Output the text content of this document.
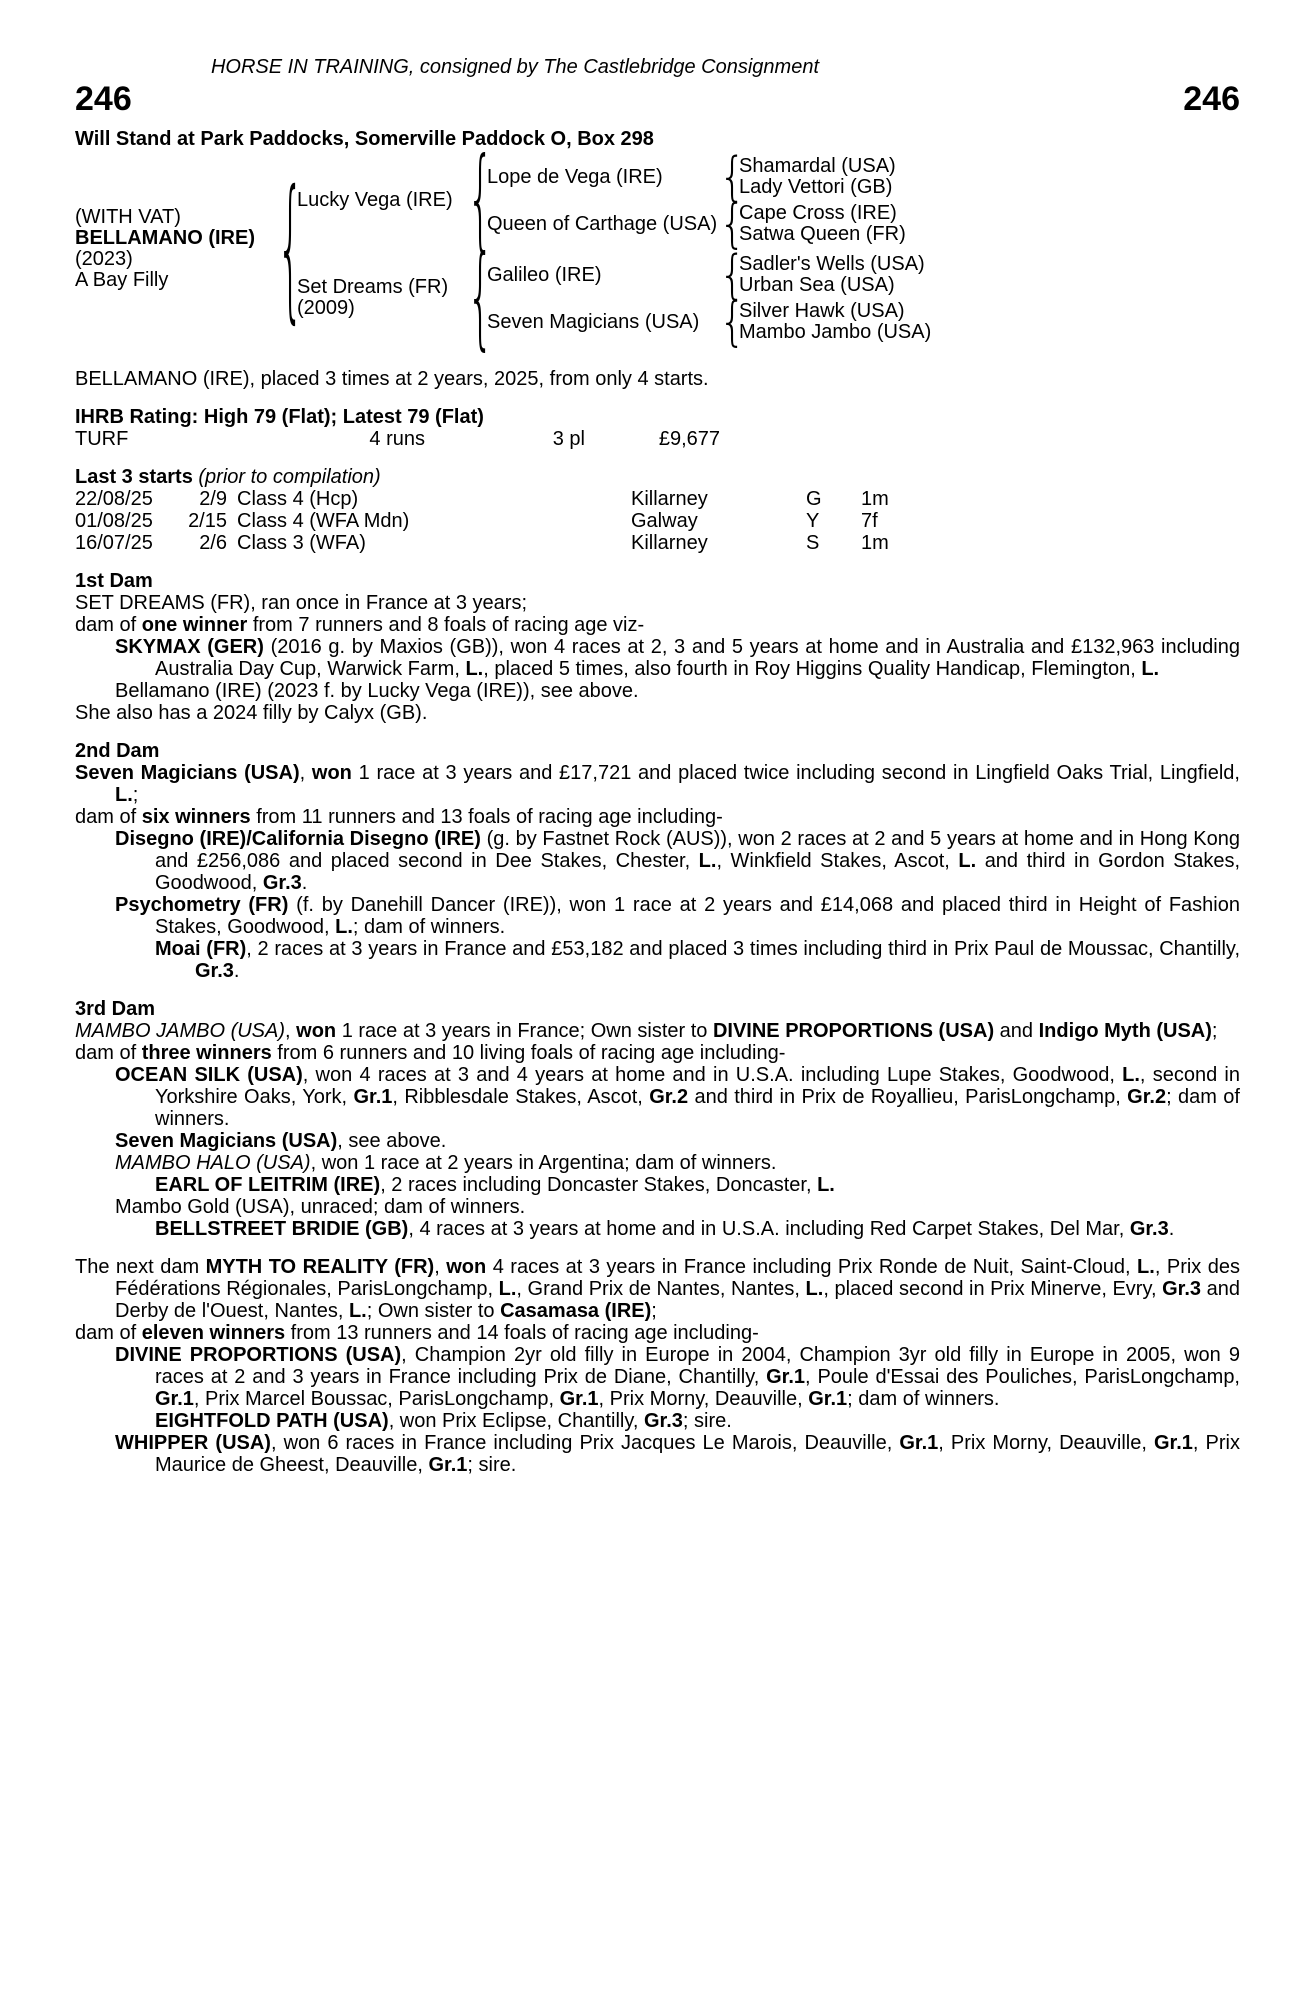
HORSE IN TRAINING, consigned by The Castlebridge Consignment
246	246
Will Stand at Park Paddocks, Somerville Paddock O, Box 298
(WITH VAT)
BELLAMANO (IRE)
(2023)
A Bay Filly	{
Lucky Vega (IRE) {
Lope de Vega (IRE)	{
Shamardal (USA)
Lady Vettori (GB)
Queen of Carthage (USA) {
Cape Cross (IRE)
Satwa Queen (FR)
Set Dreams (FR)
(2009)	{
Galileo (IRE)	{
Sadler's Wells (USA)
Urban Sea (USA)
Seven Magicians (USA) {
Silver Hawk (USA)
Mambo Jambo (USA)
BELLAMANO (IRE), placed 3 times at 2 years, 2025, from only 4 starts.
IHRB Rating: High 79 (Flat); Latest 79 (Flat)
TURF	4 runs	3 pl	£9,677
Last 3 starts (prior to compilation)
22/08/25	2/9 Class 4 (Hcp)	Killarney	G	1m
01/08/25	2/15 Class 4 (WFA Mdn)	Galway	Y	7f
16/07/25	2/6 Class 3 (WFA)	Killarney	S	1m
1st Dam

SET DREAMS (FR), ran once in France at 3 years;

dam of one winner from 7 runners and 8 foals of racing age viz-

SKYMAX (GER) (2016 g. by Maxios (GB)), won 4 races at 2, 3 and 5 years at home and in Australia and £132,963 including Australia Day Cup, Warwick Farm, L., placed 5 times, also fourth in Roy Higgins Quality Handicap, Flemington, L.

Bellamano (IRE) (2023 f. by Lucky Vega (IRE)), see above.

She also has a 2024 filly by Calyx (GB).

2nd Dam

Seven Magicians (USA), won 1 race at 3 years and £17,721 and placed twice including second in Lingfield Oaks Trial, Lingfield, L.;

dam of six winners from 11 runners and 13 foals of racing age including-

Disegno (IRE)/California Disegno (IRE) (g. by Fastnet Rock (AUS)), won 2 races at 2 and 5 years at home and in Hong Kong and £256,086 and placed second in Dee Stakes, Chester, L., Winkfield Stakes, Ascot, L. and third in Gordon Stakes, Goodwood, Gr.3.

Psychometry (FR) (f. by Danehill Dancer (IRE)), won 1 race at 2 years and £14,068 and placed third in Height of Fashion Stakes, Goodwood, L.; dam of winners.

Moai (FR), 2 races at 3 years in France and £53,182 and placed 3 times including third in Prix Paul de Moussac, Chantilly, Gr.3.

3rd Dam

MAMBO JAMBO (USA), won 1 race at 3 years in France; Own sister to DIVINE PROPORTIONS (USA) and Indigo Myth (USA);

dam of three winners from 6 runners and 10 living foals of racing age including-

OCEAN SILK (USA), won 4 races at 3 and 4 years at home and in U.S.A. including Lupe Stakes, Goodwood, L., second in Yorkshire Oaks, York, Gr.1, Ribblesdale Stakes, Ascot, Gr.2 and third in Prix de Royallieu, ParisLongchamp, Gr.2; dam of winners.

Seven Magicians (USA), see above.

MAMBO HALO (USA), won 1 race at 2 years in Argentina; dam of winners.

EARL OF LEITRIM (IRE), 2 races including Doncaster Stakes, Doncaster, L.

Mambo Gold (USA), unraced; dam of winners.

BELLSTREET BRIDIE (GB), 4 races at 3 years at home and in U.S.A. including Red Carpet Stakes, Del Mar, Gr.3.

The next dam MYTH TO REALITY (FR), won 4 races at 3 years in France including Prix Ronde de Nuit, Saint-Cloud, L., Prix des Fédérations Régionales, ParisLongchamp, L., Grand Prix de Nantes, Nantes, L., placed second in Prix Minerve, Evry, Gr.3 and Derby de l'Ouest, Nantes, L.; Own sister to Casamasa (IRE);

dam of eleven winners from 13 runners and 14 foals of racing age including-

DIVINE PROPORTIONS (USA), Champion 2yr old filly in Europe in 2004, Champion 3yr old filly in Europe in 2005, won 9 races at 2 and 3 years in France including Prix de Diane, Chantilly, Gr.1, Poule d'Essai des Pouliches, ParisLongchamp, Gr.1, Prix Marcel Boussac, ParisLongchamp, Gr.1, Prix Morny, Deauville, Gr.1; dam of winners.

EIGHTFOLD PATH (USA), won Prix Eclipse, Chantilly, Gr.3; sire.

WHIPPER (USA), won 6 races in France including Prix Jacques Le Marois, Deauville, Gr.1, Prix Morny, Deauville, Gr.1, Prix Maurice de Gheest, Deauville, Gr.1; sire.
